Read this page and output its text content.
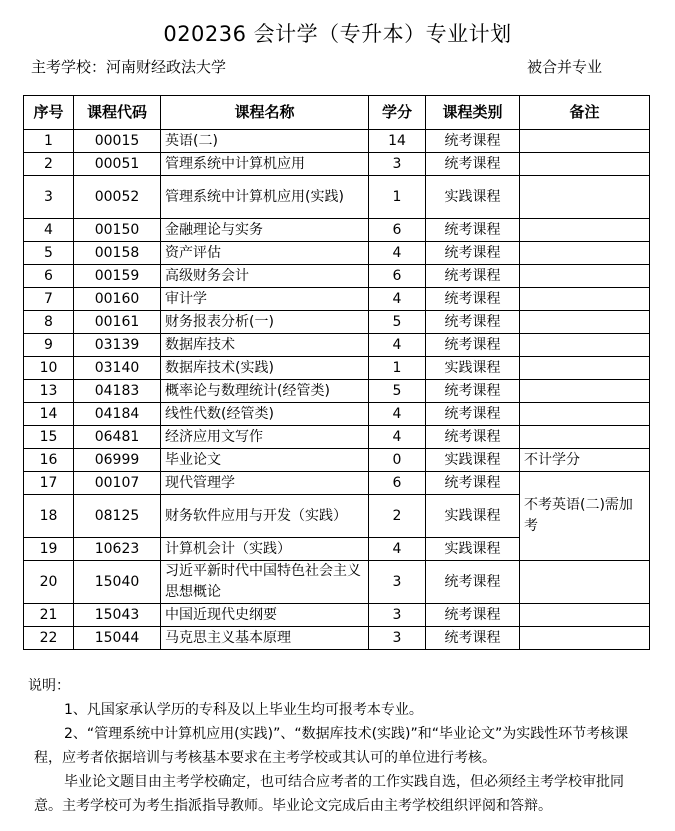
020236 会计学（专升本）专业计划
主考学校：河南财经政法大学	被合并专业
序号	课程代码	课程名称	学分	课程类别	备注
1	00015	英语(二)	14	统考课程	
2	00051	管理系统中计算机应用	3	统考课程	
3	00052	管理系统中计算机应用(实践)	1	实践课程	
4	00150	金融理论与实务	6	统考课程	
5	00158	资产评估	4	统考课程	
6	00159	高级财务会计	6	统考课程	
7	00160	审计学	4	统考课程	
8	00161	财务报表分析(一)	5	统考课程	
9	03139	数据库技术	4	统考课程	
10	03140	数据库技术(实践)	1	实践课程	
13	04183	概率论与数理统计(经管类)	5	统考课程	
14	04184	线性代数(经管类)	4	统考课程	
15	06481	经济应用文写作	4	统考课程	
16	06999	毕业论文	0	实践课程	不计学分
17	00107	现代管理学	6	统考课程	不考英语(二)需加考
18	08125	财务软件应用与开发（实践）	2	实践课程	
19	10623	计算机会计（实践）	4	实践课程	
20	15040	习近平新时代中国特色社会主义思想概论	3	统考课程	
21	15043	中国近现代史纲要	3	统考课程	
22	15044	马克思主义基本原理	3	统考课程	

说明：

1、凡国家承认学历的专科及以上毕业生均可报考本专业。

2、“管理系统中计算机应用(实践)”、“数据库技术(实践)”和“毕业论文”为实践性环节考核课程，应考者依据培训与考核基本要求在主考学校或其认可的单位进行考核。

毕业论文题目由主考学校确定，也可结合应考者的工作实践自选，但必须经主考学校审批同意。主考学校可为考生指派指导教师。毕业论文完成后由主考学校组织评阅和答辩。
